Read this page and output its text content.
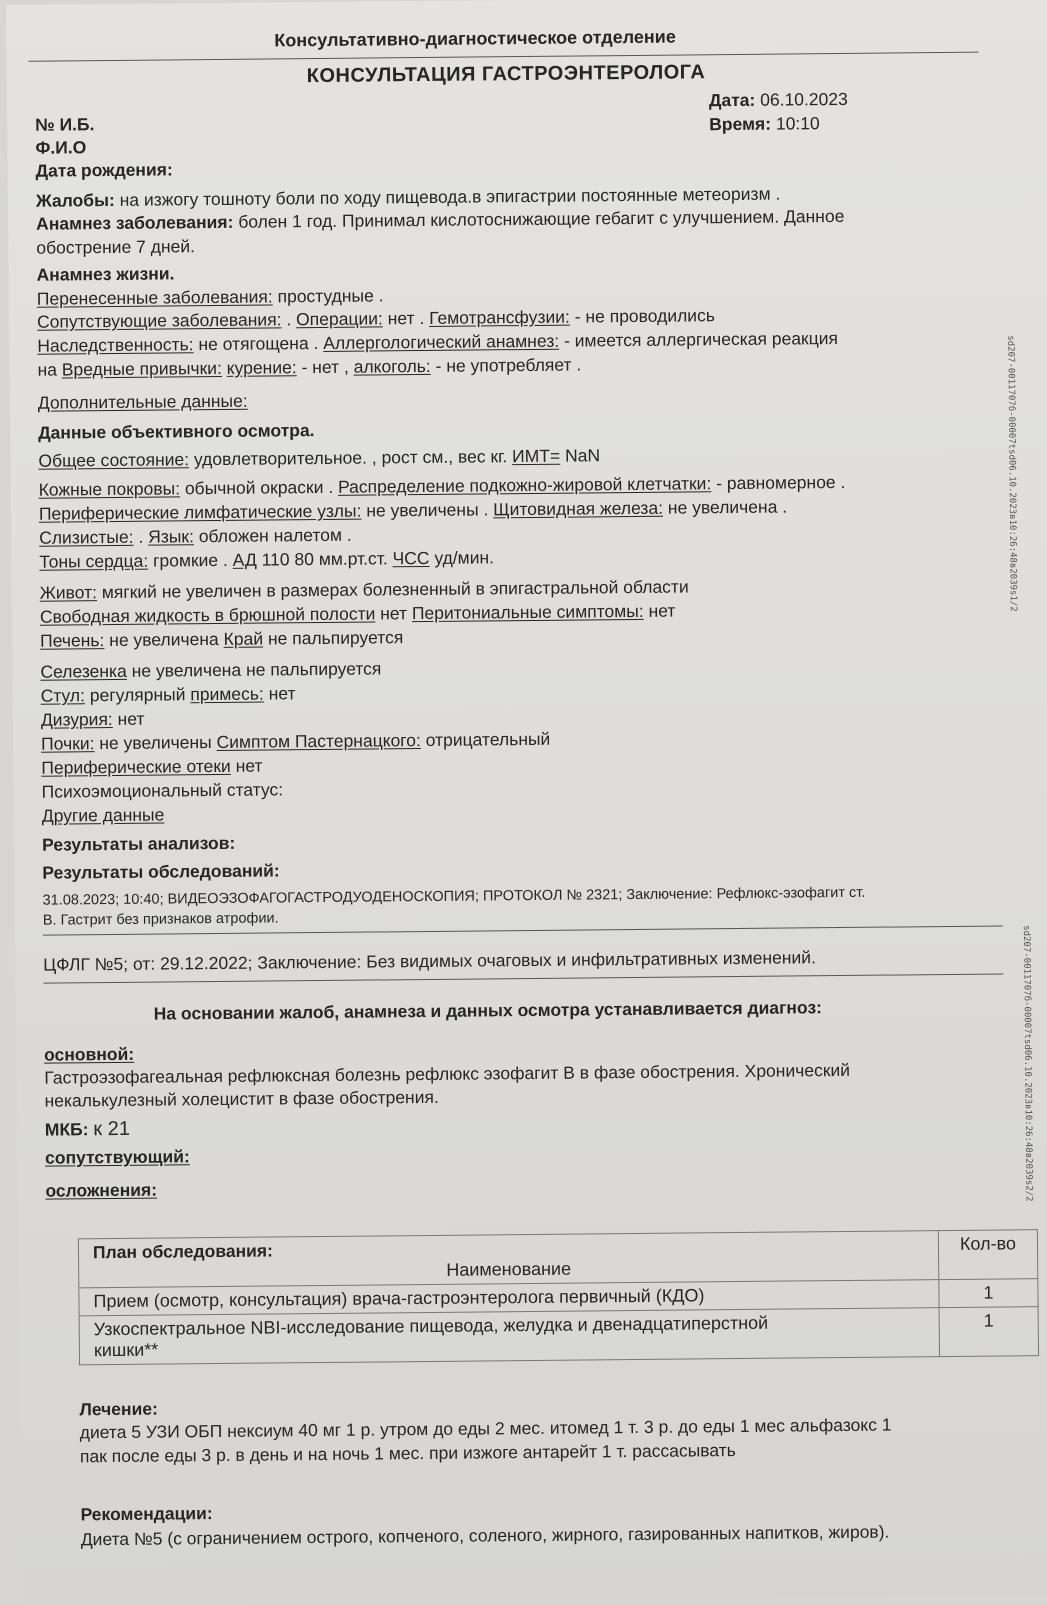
Консультативно-диагностическое отделение
КОНСУЛЬТАЦИЯ ГАСТРОЭНТЕРОЛОГА
№ И.Б.
Ф.И.О
Дата рождения:
Дата: 06.10.2023
Время: 10:10
Жалобы: на изжогу тошноту боли по ходу пищевода.в эпигастрии постоянные метеоризм .
Анамнез заболевания: болен 1 год. Принимал кислотоснижающие гебагит с улучшением. Данное
обострение 7 дней.
Анамнез жизни.
Перенесенные заболевания: простудные .
Сопутствующие заболевания: . Операции: нет . Гемотрансфузии: - не проводились
Наследственность: не отягощена . Аллергологический анамнез: - имеется аллергическая реакция
на Вредные привычки: курение: - нет , алкоголь: - не употребляет .
Дополнительные данные:
Данные объективного осмотра.
Общее состояние: удовлетворительное. , рост см., вес кг. ИМТ= NaN
Кожные покровы: обычной окраски . Распределение подкожно-жировой клетчатки: - равномерное .
Периферические лимфатические узлы: не увеличены . Щитовидная железа: не увеличена .
Слизистые: . Язык: обложен налетом .
Тоны сердца: громкие . АД 110 80 мм.рт.ст. ЧСС уд/мин.
Живот: мягкий не увеличен в размерах болезненный в эпигастральной области
Свободная жидкость в брюшной полости нет Перитониальные симптомы: нет
Печень: не увеличена Край не пальпируется
Селезенка не увеличена не пальпируется
Стул: регулярный примесь: нет
Дизурия: нет
Почки: не увеличены Симптом Пастернацкого: отрицательный
Периферические отеки нет
Психоэмоциональный статус:
Другие данные
Результаты анализов:
Результаты обследований:
31.08.2023; 10:40; ВИДЕОЭЗОФАГОГАСТРОДУОДЕНОСКОПИЯ; ПРОТОКОЛ № 2321; Заключение: Рефлюкс-эзофагит ст.
B. Гастрит без признаков атрофии.
ЦФЛГ №5; от: 29.12.2022; Заключение: Без видимых очаговых и инфильтративных изменений.
На основании жалоб, анамнеза и данных осмотра устанавливается диагноз:
основной:
Гастроэзофагеальная рефлюксная болезнь рефлюкс эзофагит В в фазе обострения. Хронический
некалькулезный холецистит в фазе обострения.
МКБ: к 21
сопутствующий:
осложнения:
План обследования:
Наименование	Кол-во
Прием (осмотр, консультация) врача-гастроэнтеролога первичный (КДО)	1

Узкоспектральное NBI-исследование пищевода, желудка и двенадцатиперстной
кишки**	1
Лечение:
диета 5 УЗИ ОБП нексиум 40 мг 1 р. утром до еды 2 мес. итомед 1 т. 3 р. до еды 1 мес альфазокс 1
пак после еды 3 р. в день и на ночь 1 мес. при изжоге антарейт 1 т. рассасывать
Рекомендации:
Диета №5 (с ограничением острого, копченого, соленого, жирного, газированных напитков, жиров).
sd207-0011707б-00007tsd06.10.2023в10:26:48в2039s1/2
sd207-0011707б-00007tsd06.10.2023в10:26:48в2039s2/2
